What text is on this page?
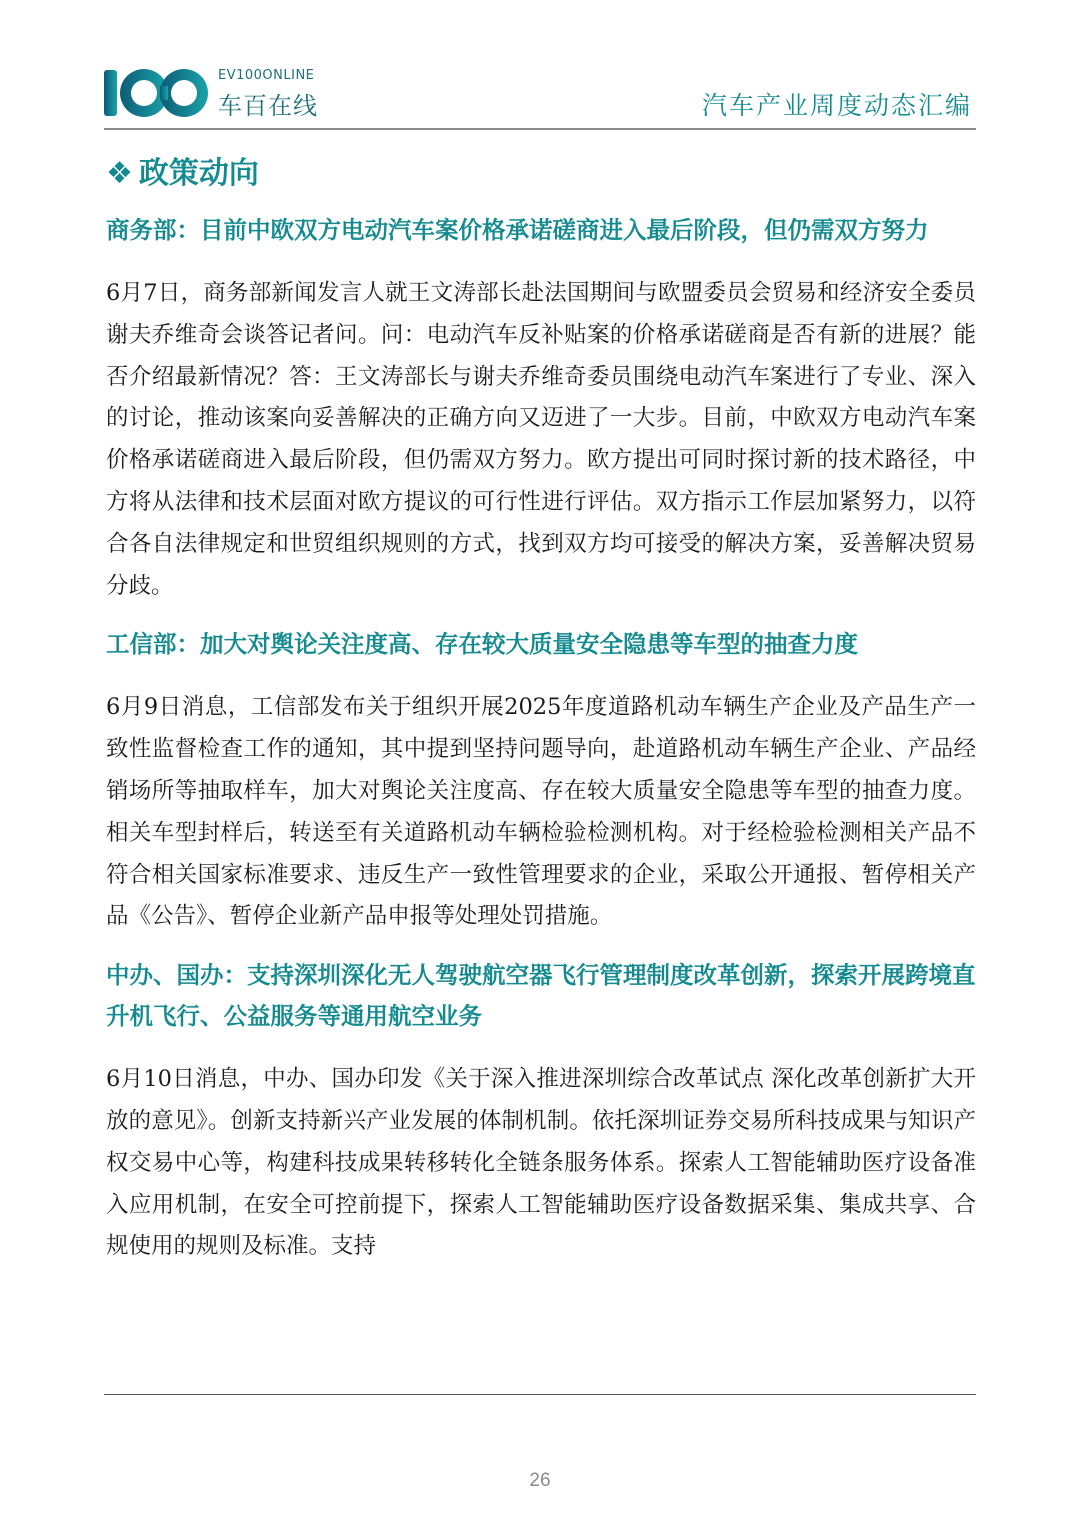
EV100ONLINE
车百在线	汽车产业周度动态汇编
❖ 政策动向

商务部：目前中欧双方电动汽车案价格承诺磋商进入最后阶段，但仍需双方努力

6月7日，商务部新闻发言人就王文涛部长赴法国期间与欧盟委员会贸易和经济安全委员谢夫乔维奇会谈答记者问。问：电动汽车反补贴案的价格承诺磋商是否有新的进展？能否介绍最新情况？答：王文涛部长与谢夫乔维奇委员围绕电动汽车案进行了专业、深入的讨论，推动该案向妥善解决的正确方向又迈进了一大步。目前，中欧双方电动汽车案价格承诺磋商进入最后阶段，但仍需双方努力。欧方提出可同时探讨新的技术路径，中方将从法律和技术层面对欧方提议的可行性进行评估。双方指示工作层加紧努力，以符合各自法律规定和世贸组织规则的方式，找到双方均可接受的解决方案，妥善解决贸易分歧。

工信部：加大对舆论关注度高、存在较大质量安全隐患等车型的抽查力度

6月9日消息，工信部发布关于组织开展2025年度道路机动车辆生产企业及产品生产一致性监督检查工作的通知，其中提到坚持问题导向，赴道路机动车辆生产企业、产品经销场所等抽取样车，加大对舆论关注度高、存在较大质量安全隐患等车型的抽查力度。相关车型封样后，转送至有关道路机动车辆检验检测机构。对于经检验检测相关产品不符合相关国家标准要求、违反生产一致性管理要求的企业，采取公开通报、暂停相关产品《公告》、暂停企业新产品申报等处理处罚措施。

中办、国办：支持深圳深化无人驾驶航空器飞行管理制度改革创新，探索开展跨境直升机飞行、公益服务等通用航空业务

6月10日消息，中办、国办印发《关于深入推进深圳综合改革试点 深化改革创新扩大开放的意见》。创新支持新兴产业发展的体制机制。依托深圳证券交易所科技成果与知识产权交易中心等，构建科技成果转移转化全链条服务体系。探索人工智能辅助医疗设备准入应用机制，在安全可控前提下，探索人工智能辅助医疗设备数据采集、集成共享、合规使用的规则及标准。支持

26
